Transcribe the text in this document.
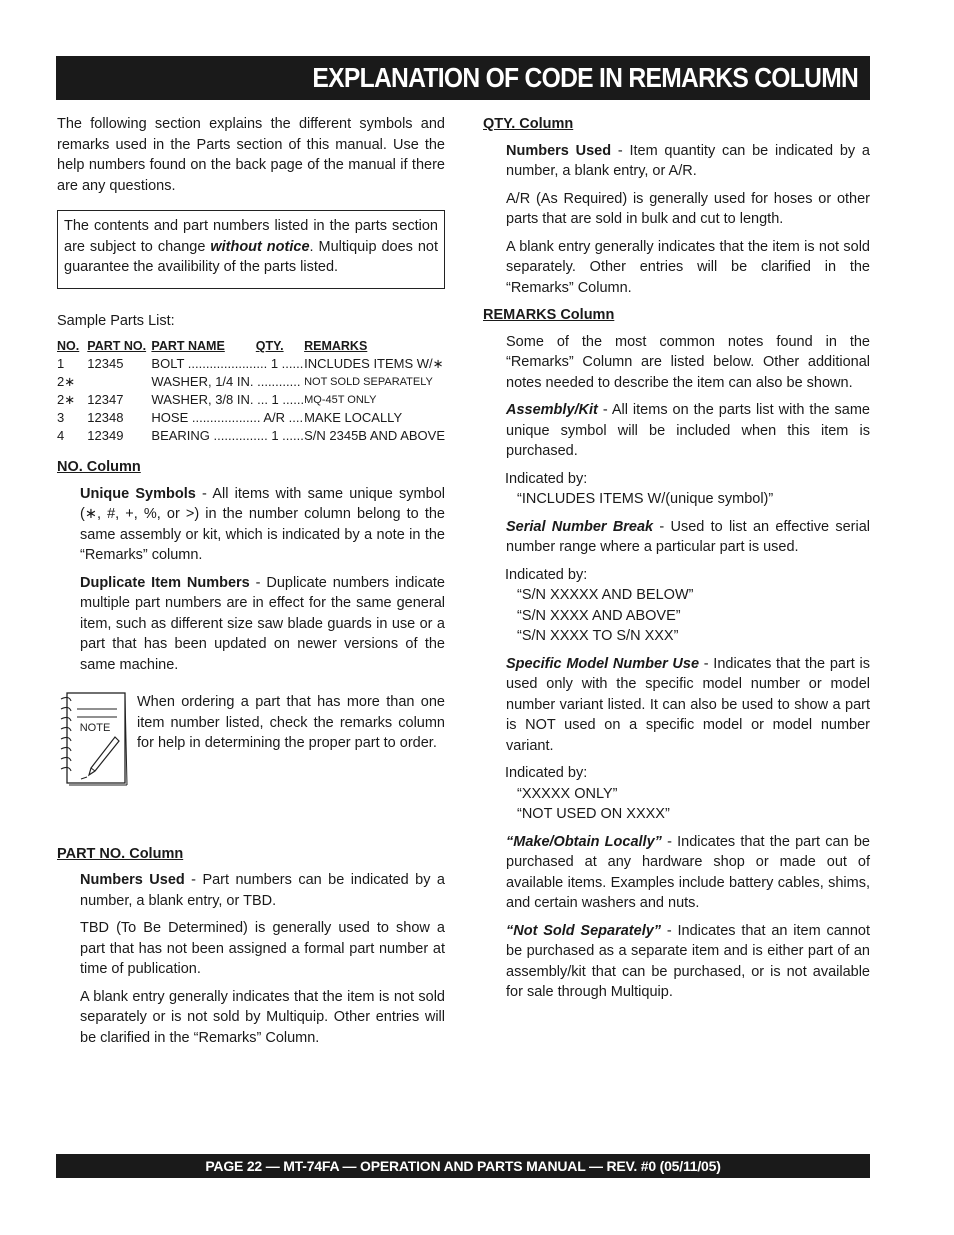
EXPLANATION OF CODE IN REMARKS COLUMN

The following section explains the different symbols and remarks used in the Parts section of this manual. Use the help numbers found on the back page of the manual if there are any questions.

The contents and part numbers listed in the parts section are subject to change without notice. Multiquip does not guarantee the availibility of the parts listed.

Sample Parts List:

NO.	PART NO.	PART NAME QTY.	REMARKS
1	12345	BOLT ...................... 1 ......	INCLUDES ITEMS W/∗
2∗		WASHER, 1/4 IN. ............	NOT SOLD SEPARATELY
2∗	12347	WASHER, 3/8 IN. ... 1 ......	MQ-45T ONLY
3	12348	HOSE ................... A/R ....	MAKE LOCALLY
4	12349	BEARING ............... 1 ......	S/N 2345B AND ABOVE

NO. Column

Unique Symbols - All items with same unique symbol (∗, #, +, %, or >) in the number column belong to the same assembly or kit, which is indicated by a note in the “Remarks” column.

Duplicate Item Numbers - Duplicate numbers indicate multiple part numbers are in effect for the same general item, such as different size saw blade guards in use or a part that has been updated on newer versions of the same machine.

NOTE
When ordering a part that has more than one item number listed, check the remarks column for help in determining the proper part to order.

PART NO. Column

Numbers Used - Part numbers can be indicated by a number, a blank entry, or TBD.

TBD (To Be Determined) is generally used to show a part that has not been assigned a formal part number at time of publication.

A blank entry generally indicates that the item is not sold separately or is not sold by Multiquip. Other entries will be clarified in the “Remarks” Column.

QTY. Column

Numbers Used - Item quantity can be indicated by a number, a blank entry, or A/R.

A/R (As Required) is generally used for hoses or other parts that are sold in bulk and cut to length.

A blank entry generally indicates that the item is not sold separately. Other entries will be clarified in the “Remarks” Column.

REMARKS Column

Some of the most common notes found in the “Remarks” Column are listed below. Other additional notes needed to describe the item can also be shown.

Assembly/Kit - All items on the parts list with the same unique symbol will be included when this item is purchased.

Indicated by:
“INCLUDES ITEMS W/(unique symbol)”

Serial Number Break - Used to list an effective serial number range where a particular part is used.

Indicated by:
“S/N XXXXX AND BELOW”
“S/N XXXX AND ABOVE”
“S/N XXXX TO S/N XXX”

Specific Model Number Use - Indicates that the part is used only with the specific model number or model number variant listed. It can also be used to show a part is NOT used on a specific model or model number variant.

Indicated by:
“XXXXX ONLY”
“NOT USED ON XXXX”

“Make/Obtain Locally” - Indicates that the part can be purchased at any hardware shop or made out of available items. Examples include battery cables, shims, and certain washers and nuts.

“Not Sold Separately” - Indicates that an item cannot be purchased as a separate item and is either part of an assembly/kit that can be purchased, or is not available for sale through Multiquip.

PAGE 22 — MT-74FA — OPERATION AND PARTS MANUAL — REV. #0 (05/11/05)
